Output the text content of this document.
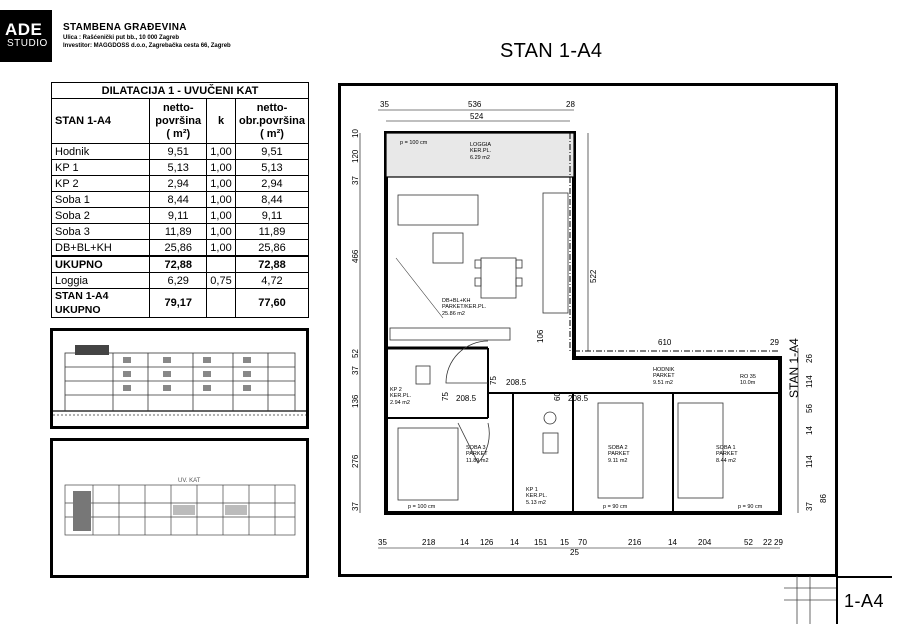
ADE
STUDIO
STAMBENA GRAĐEVINA
Ulica : Rašćenički put bb., 10 000 Zagreb
Investitor: MAGGDOSS d.o.o, Zagrebačka cesta 66, Zagreb	STAN 1-A4
DILATACIJA 1 - UVUČENI KAT			
STAN 1-A4	netto-površina ( m²)	k	netto-obr.površina ( m²)
Hodnik	9,51	1,00	9,51
KP 1	5,13	1,00	5,13
KP 2	2,94	1,00	2,94
Soba 1	8,44	1,00	8,44
Soba 2	9,11	1,00	9,11
Soba 3	11,89	1,00	11,89
DB+BL+KH	25,86	1,00	25,86
UKUPNO	72,88		72,88
Loggia	6,29	0,75	4,72
STAN 1-A4 UKUPNO	79,17		77,60
UV. KAT
LOGGIA
KER.PL.
6.29 m2
DB+BL+KH
PARKET/KER.PL.
25.86 m2
HODNIK
PARKET
9.51 m2
KP 2
KER.PL.
2.94 m2
SOBA 3
PARKET
11.89 m2
KP 1
KER.PL.
5.13 m2
SOBA 2
PARKET
9.11 m2
SOBA 1
PARKET
8.44 m2
p = 100 cm
p = 100 cm	p = 90 cm	p = 90 cm
RO 35
10.0m
35	536	28
524
35	218	14 126 14 151 15 70	216	14	204	52 22 29
25
10
120
37
466
52
37
136
276
37
522
610	29
26
114
56
14
114
37
86
106
75 208.5
75 208.5	60 208.5
STAN 1-A4
1-A4
